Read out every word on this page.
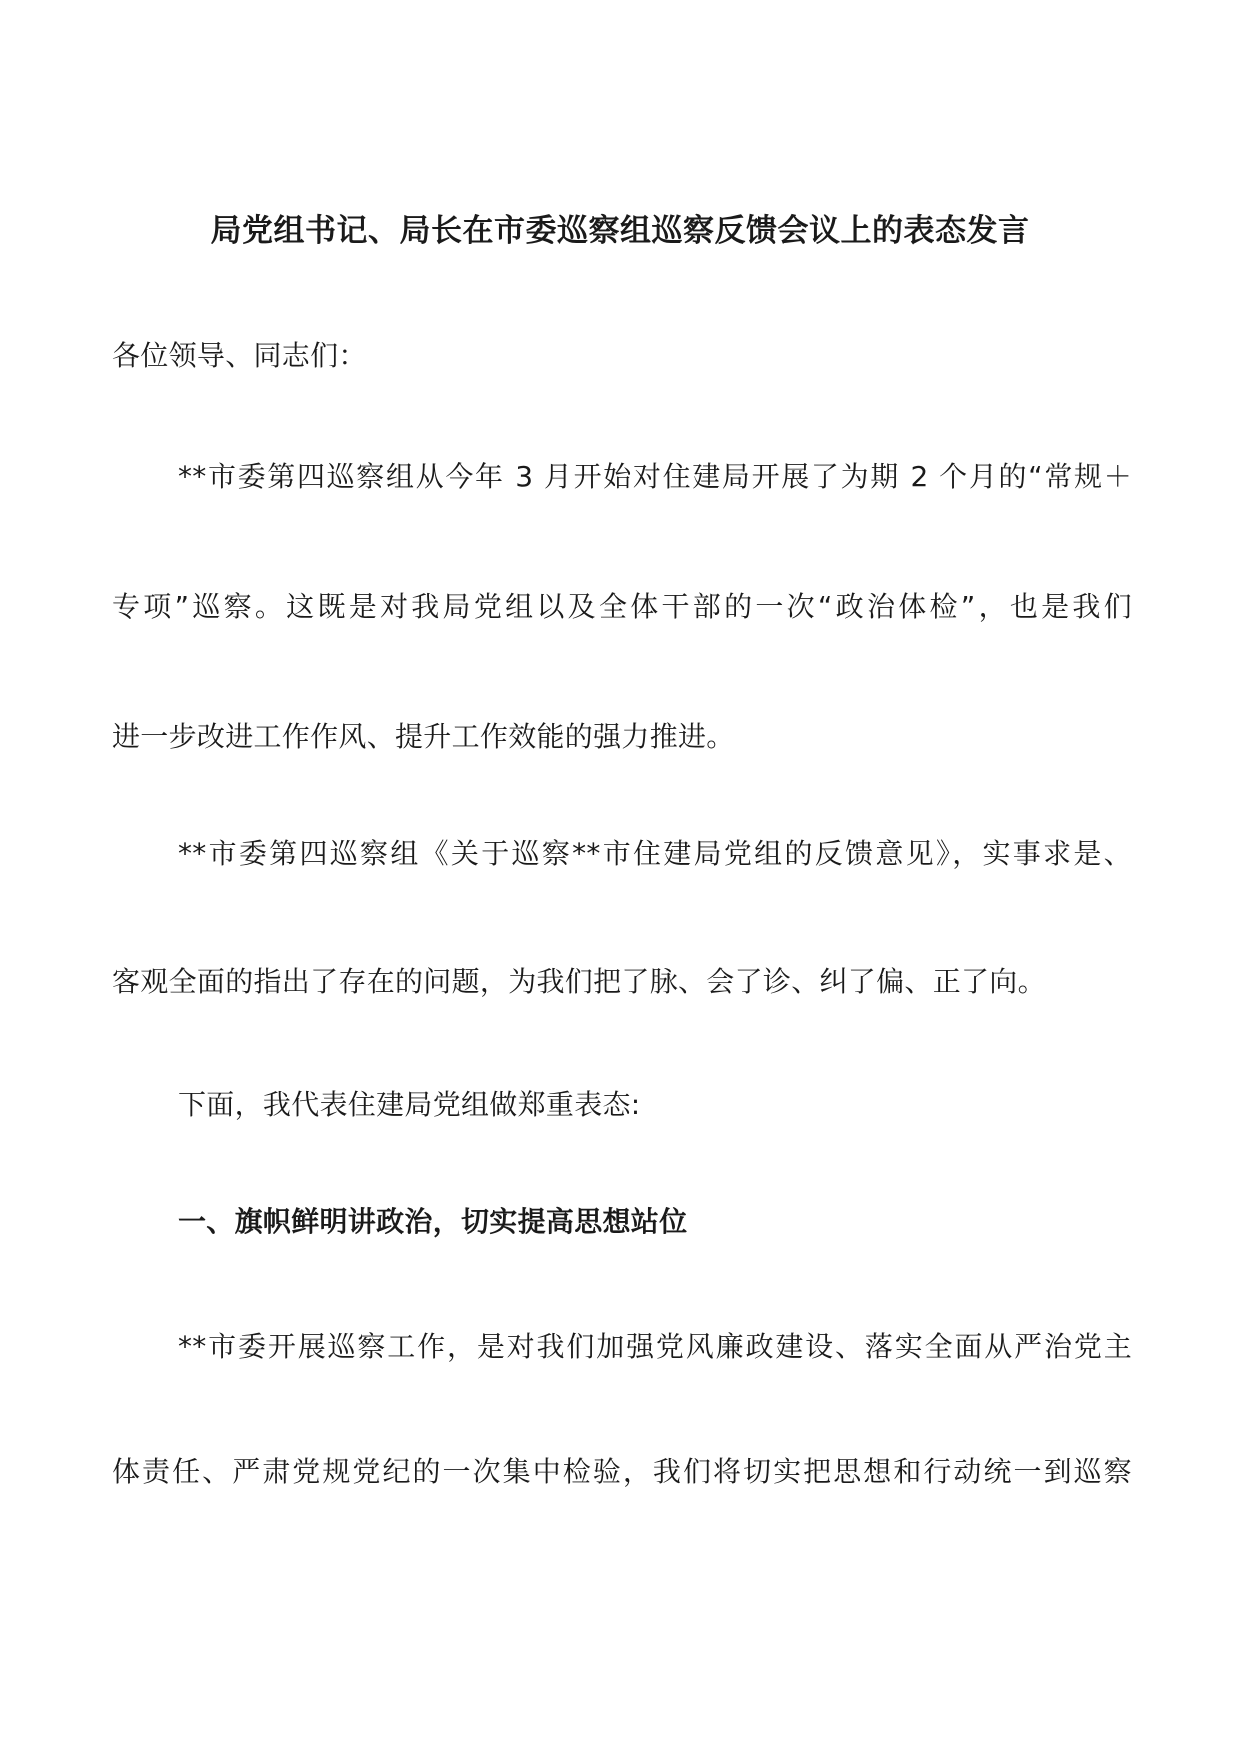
局党组书记、局长在市委巡察组巡察反馈会议上的表态发言
各位领导、同志们：
**市委第四巡察组从今年 3 月开始对住建局开展了为期 2 个月的“常规＋
专项”巡察。这既是对我局党组以及全体干部的一次“政治体检”，也是我们
进一步改进工作作风、提升工作效能的强力推进。
**市委第四巡察组《关于巡察**市住建局党组的反馈意见》，实事求是、
客观全面的指出了存在的问题，为我们把了脉、会了诊、纠了偏、正了向。
下面，我代表住建局党组做郑重表态:
一、旗帜鲜明讲政治，切实提高思想站位
**市委开展巡察工作，是对我们加强党风廉政建设、落实全面从严治党主
体责任、严肃党规党纪的一次集中检验，我们将切实把思想和行动统一到巡察
